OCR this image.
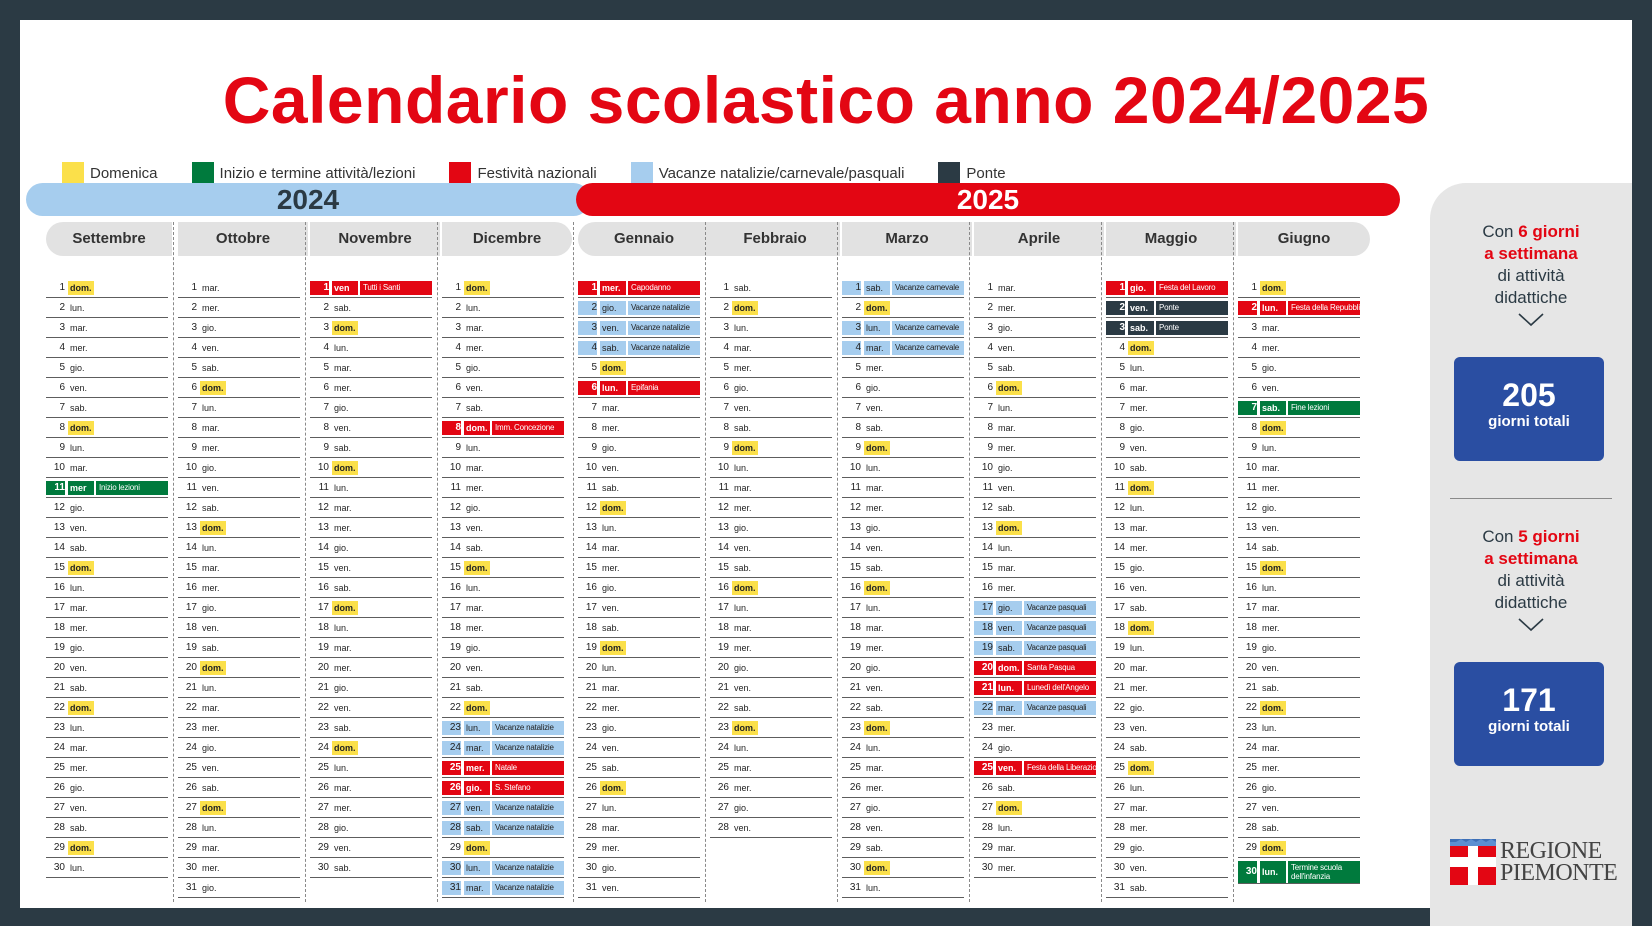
Calendario scolastico anno 2024/2025
Domenica	Inizio e termine attività/lezioni	Festività nazionali	Vacanze natalizie/carnevale/pasquali	Ponte
2024	2025
Settembre
1 dom.
2 lun.
3 mar.
4 mer.
5 gio.
6 ven.
7 sab.
8 dom.
9 lun.
10 mar.
11 mer	Inizio lezioni
12 gio.
13 ven.
14 sab.
15 dom.
16 lun.
17 mar.
18 mer.
19 gio.
20 ven.
21 sab.
22 dom.
23 lun.
24 mar.
25 mer.
26 gio.
27 ven.
28 sab.
29 dom.
30 lun.
Ottobre
1 mar.
2 mer.
3 gio.
4 ven.
5 sab.
6 dom.
7 lun.
8 mar.
9 mer.
10 gio.
11 ven.
12 sab.
13 dom.
14 lun.
15 mar.
16 mer.
17 gio.
18 ven.
19 sab.
20 dom.
21 lun.
22 mar.
23 mer.
24 gio.
25 ven.
26 sab.
27 dom.
28 lun.
29 mar.
30 mer.
31 gio.
Novembre
1 ven	Tutti i Santi
2 sab.
3 dom.
4 lun.
5 mar.
6 mer.
7 gio.
8 ven.
9 sab.
10 dom.
11 lun.
12 mar.
13 mer.
14 gio.
15 ven.
16 sab.
17 dom.
18 lun.
19 mar.
20 mer.
21 gio.
22 ven.
23 sab.
24 dom.
25 lun.
26 mar.
27 mer.
28 gio.
29 ven.
30 sab.
Dicembre
1 dom.
2 lun.
3 mar.
4 mer.
5 gio.
6 ven.
7 sab.
8 dom. Imm. Concezione
9 lun.
10 mar.
11 mer.
12 gio.
13 ven.
14 sab.
15 dom.
16 lun.
17 mar.
18 mer.
19 gio.
20 ven.
21 sab.
22 dom.
23 lun.	Vacanze natalizie
24 mar.	Vacanze natalizie
25 mer.	Natale
26 gio.	S. Stefano
27 ven.	Vacanze natalizie
28 sab.	Vacanze natalizie
29 dom.
30 lun.	Vacanze natalizie
31 mar.	Vacanze natalizie
Gennaio
1 mer.	Capodanno
2 gio.	Vacanze natalizie
3 ven.	Vacanze natalizie
4 sab.	Vacanze natalizie
5 dom.
6 lun.	Epifania
7 mar.
8 mer.
9 gio.
10 ven.
11 sab.
12 dom.
13 lun.
14 mar.
15 mer.
16 gio.
17 ven.
18 sab.
19 dom.
20 lun.
21 mar.
22 mer.
23 gio.
24 ven.
25 sab.
26 dom.
27 lun.
28 mar.
29 mer.
30 gio.
31 ven.
Febbraio
1 sab.
2 dom.
3 lun.
4 mar.
5 mer.
6 gio.
7 ven.
8 sab.
9 dom.
10 lun.
11 mar.
12 mer.
13 gio.
14 ven.
15 sab.
16 dom.
17 lun.
18 mar.
19 mer.
20 gio.
21 ven.
22 sab.
23 dom.
24 lun.
25 mar.
26 mer.
27 gio.
28 ven.
Marzo
1 sab.	Vacanze carnevale
2 dom.
3 lun.	Vacanze carnevale
4 mar.	Vacanze carnevale
5 mer.
6 gio.
7 ven.
8 sab.
9 dom.
10 lun.
11 mar.
12 mer.
13 gio.
14 ven.
15 sab.
16 dom.
17 lun.
18 mar.
19 mer.
20 gio.
21 ven.
22 sab.
23 dom.
24 lun.
25 mar.
26 mer.
27 gio.
28 ven.
29 sab.
30 dom.
31 lun.
Aprile
1 mar.
2 mer.
3 gio.
4 ven.
5 sab.
6 dom.
7 lun.
8 mar.
9 mer.
10 gio.
11 ven.
12 sab.
13 dom.
14 lun.
15 mar.
16 mer.
17 gio.	Vacanze pasquali
18 ven.	Vacanze pasquali
19 sab.	Vacanze pasquali
20 dom. Santa Pasqua
21 lun.	Lunedì dell'Angelo
22 mar.	Vacanze pasquali
23 mer.
24 gio.
25 ven.	Festa della Liberazione
26 sab.
27 dom.
28 lun.
29 mar.
30 mer.
Maggio
1 gio.	Festa del Lavoro
2 ven.	Ponte
3 sab.	Ponte
4 dom.
5 lun.
6 mar.
7 mer.
8 gio.
9 ven.
10 sab.
11 dom.
12 lun.
13 mar.
14 mer.
15 gio.
16 ven.
17 sab.
18 dom.
19 lun.
20 mar.
21 mer.
22 gio.
23 ven.
24 sab.
25 dom.
26 lun.
27 mar.
28 mer.
29 gio.
30 ven.
31 sab.
Giugno
1 dom.
2 lun.	Festa della Repubblica
3 mar.
4 mer.
5 gio.
6 ven.
7 sab.	Fine lezioni
8 dom.
9 lun.
10 mar.
11 mer.
12 gio.
13 ven.
14 sab.
15 dom.
16 lun.
17 mar.
18 mer.
19 gio.
20 ven.
21 sab.
22 dom.
23 lun.
24 mar.
25 mer.
26 gio.
27 ven.
28 sab.
29 dom.
30 lun.	Termine scuola dell'infanzia
Con 6 giorni
a settimana
di attività
didattiche
205
giorni totali
Con 5 giorni
a settimana
di attività
didattiche
171
giorni totali
REGIONE
PIEMONTE
